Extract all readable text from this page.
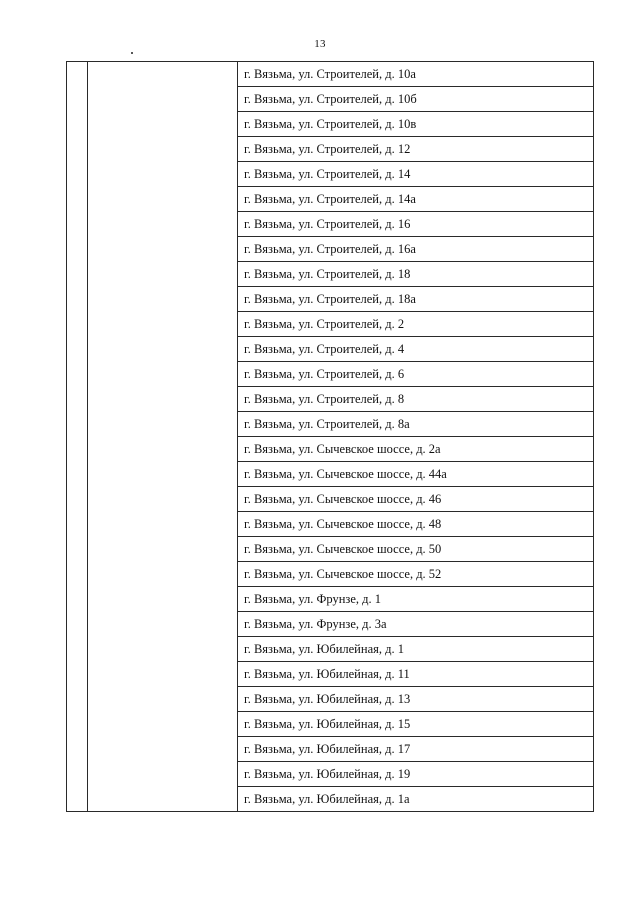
13
		г. Вязьма, ул. Строителей, д. 10а
г. Вязьма, ул. Строителей, д. 10б
г. Вязьма, ул. Строителей, д. 10в
г. Вязьма, ул. Строителей, д. 12
г. Вязьма, ул. Строителей, д. 14
г. Вязьма, ул. Строителей, д. 14а
г. Вязьма, ул. Строителей, д. 16
г. Вязьма, ул. Строителей, д. 16а
г. Вязьма, ул. Строителей, д. 18
г. Вязьма, ул. Строителей, д. 18а
г. Вязьма, ул. Строителей, д. 2
г. Вязьма, ул. Строителей, д. 4
г. Вязьма, ул. Строителей, д. 6
г. Вязьма, ул. Строителей, д. 8
г. Вязьма, ул. Строителей, д. 8а
г. Вязьма, ул. Сычевское шоссе, д. 2а
г. Вязьма, ул. Сычевское шоссе, д. 44а
г. Вязьма, ул. Сычевское шоссе, д. 46
г. Вязьма, ул. Сычевское шоссе, д. 48
г. Вязьма, ул. Сычевское шоссе, д. 50
г. Вязьма, ул. Сычевское шоссе, д. 52
г. Вязьма, ул. Фрунзе, д. 1
г. Вязьма, ул. Фрунзе, д. 3а
г. Вязьма, ул. Юбилейная, д. 1
г. Вязьма, ул. Юбилейная, д. 11
г. Вязьма, ул. Юбилейная, д. 13
г. Вязьма, ул. Юбилейная, д. 15
г. Вязьма, ул. Юбилейная, д. 17
г. Вязьма, ул. Юбилейная, д. 19
г. Вязьма, ул. Юбилейная, д. 1а
